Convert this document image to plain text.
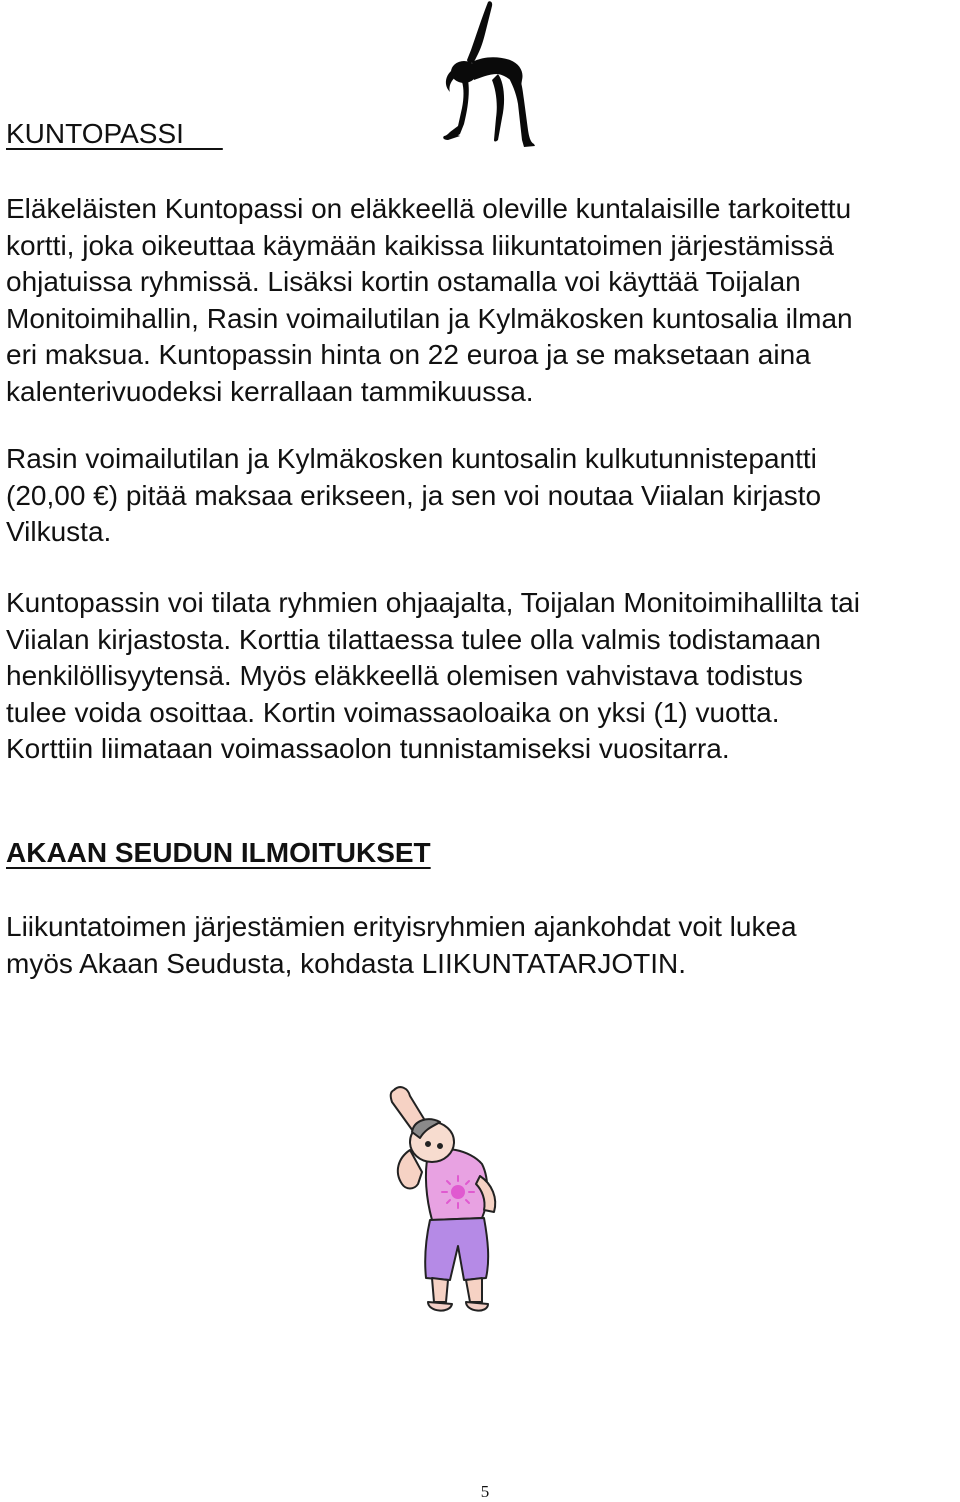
KUNTOPASSI
Eläkeläisten Kuntopassi on eläkkeellä oleville kuntalaisille tarkoitettu
kortti, joka oikeuttaa käymään kaikissa liikuntatoimen järjestämissä
ohjatuissa ryhmissä. Lisäksi kortin ostamalla voi käyttää Toijalan
Monitoimihallin, Rasin voimailutilan ja Kylmäkosken kuntosalia ilman
eri maksua. Kuntopassin hinta on 22 euroa ja se maksetaan aina
kalenterivuodeksi kerrallaan tammikuussa.
Rasin voimailutilan ja Kylmäkosken kuntosalin kulkutunnistepantti
(20,00 €) pitää maksaa erikseen, ja sen voi noutaa Viialan kirjasto
Vilkusta.
Kuntopassin voi tilata ryhmien ohjaajalta, Toijalan Monitoimihallilta tai
Viialan kirjastosta. Korttia tilattaessa tulee olla valmis todistamaan
henkilöllisyytensä. Myös eläkkeellä olemisen vahvistava todistus
tulee voida osoittaa. Kortin voimassaoloaika on yksi (1) vuotta.
Korttiin liimataan voimassaolon tunnistamiseksi vuositarra.
AKAAN SEUDUN ILMOITUKSET
Liikuntatoimen järjestämien erityisryhmien ajankohdat voit lukea
myös Akaan Seudusta, kohdasta LIIKUNTATARJOTIN.
5
